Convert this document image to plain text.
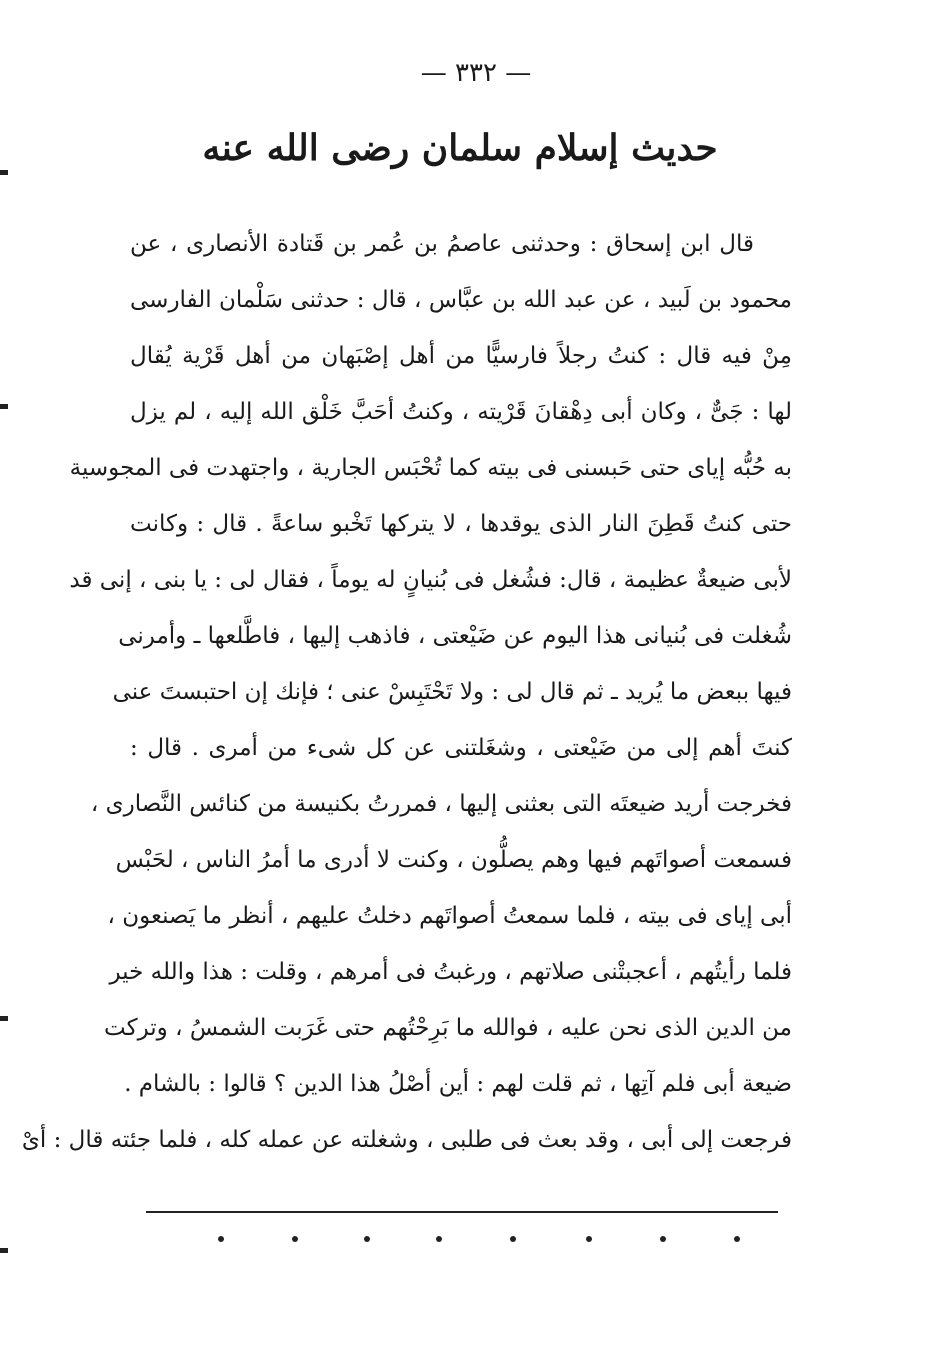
— ٣٣٢ —
حديث إسلام سلمان رضى الله عنه
قال ابن إسحاق : وحدثنى عاصمُ بن عُمر بن قَتادة الأنصارى ، عن
محمود بن لَبيد ، عن عبد الله بن عبَّاس ، قال : حدثنى سَلْمان الفارسى
مِنْ فيه قال : كنتُ رجلاً فارسيًّا من أهل إصْبَهان من أهل قَرْية يُقال
لها : جَىٌّ ، وكان أبى دِهْقانَ قَرْيته ، وكنتُ أحَبَّ خَلْق الله إليه ، لم يزل
به حُبُّه إياى حتى حَبسنى فى بيته كما تُحْبَس الجارية ، واجتهدت فى المجوسية
حتى كنتُ قَطِنَ النار الذى يوقدها ، لا يتركها تَخْبو ساعةً . قال : وكانت
لأبى ضيعةٌ عظيمة ، قال: فشُغل فى بُنيانٍ له يوماً ، فقال لى : يا بنى ، إنى قد
شُغلت فى بُنيانى هذا اليوم عن ضَيْعتى ، فاذهب إليها ، فاطَّلعها ـ وأمرنى
فيها ببعض ما يُريد ـ ثم قال لى : ولا تَحْتَبِسْ عنى ؛ فإنك إن احتبستَ عنى
كنتَ أهم إلى من ضَيْعتى ، وشغَلتنى عن كل شىء من أمرى . قال :
فخرجت أريد ضيعتَه التى بعثنى إليها ، فمررتُ بكنيسة من كنائس النَّصارى ،
فسمعت أصواتَهم فيها وهم يصلُّون ، وكنت لا أدرى ما أمرُ الناس ، لحَبْس
أبى إياى فى بيته ، فلما سمعتُ أصواتَهم دخلتُ عليهم ، أنظر ما يَصنعون ،
فلما رأيتُهم ، أعجبتْنى صلاتهم ، ورغبتُ فى أمرهم ، وقلت : هذا والله خير
من الدين الذى نحن عليه ، فوالله ما بَرِحْتُهم حتى غَرَبت الشمسُ ، وتركت
ضيعة أبى فلم آتِها ، ثم قلت لهم : أين أصْلُ هذا الدين ؟ قالوا : بالشام .
فرجعت إلى أبى ، وقد بعث فى طلبى ، وشغلته عن عمله كله ، فلما جئته قال : أىْ
